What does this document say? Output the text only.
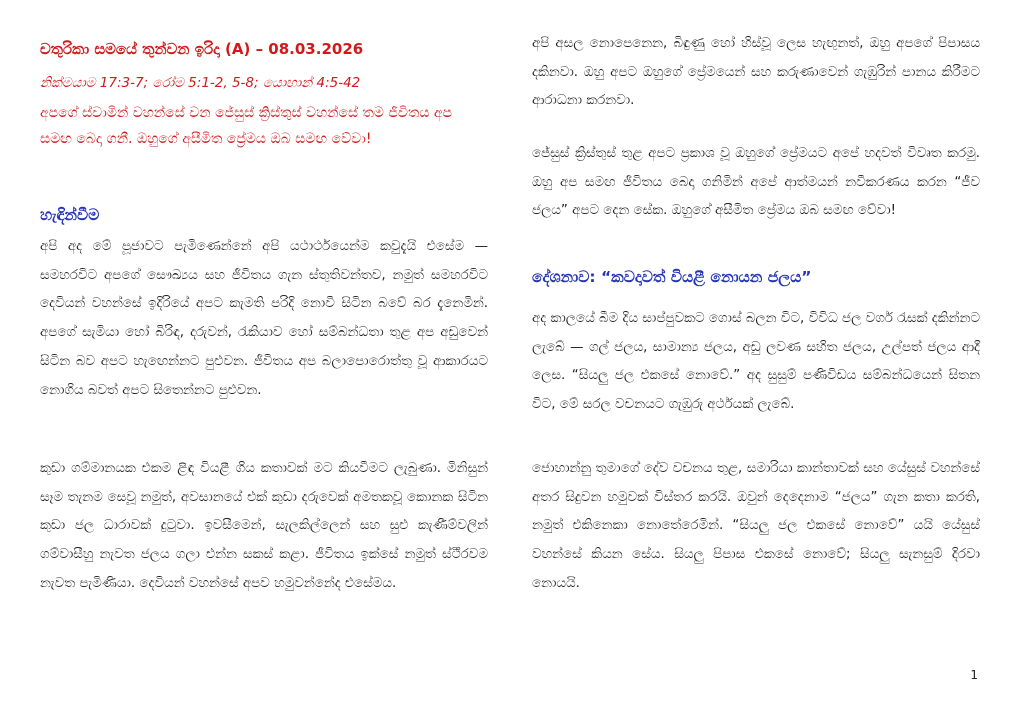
චතුරිකා සමයේ තුන්වන ඉරිදා (A) – 08.03.2026
නික්මයාම 17:3-7; රෝම 5:1-2, 5-8; යොහාන් 4:5-42

අපගේ ස්වාමින් වහන්සේ වන ජේසුස් ක්‍රිස්තුස් වහන්සේ තම ජීවිතය අප සමඟ බෙදා ගනී. ඔහුගේ අසීමිත ප්‍රේමය ඔබ සමඟ වේවා!

හැඳින්වීම

අපි අද මේ පූජාවට පැමිණෙන්නේ අපි යථාර්ථයෙන්ම කවුදැයි එසේම — සමහරවිට අපගේ සෞඛ්‍යය සහ ජීවිතය ගැන ස්තුතිවන්තව, නමුත් සමහරවිට දෙවියන් වහන්සේ ඉදිරියේ අපට කැමති පරිදි නොවී සිටින බවේ බර දැනෙමින්. අපගේ සැමියා හෝ බිරිඳ, දරුවන්, රැකියාව හෝ සම්බන්ධතා තුළ අප අඩුවෙන් සිටින බව අපට හැඟෙන්නට පුළුවන. ජීවිතය අප බලාපොරොත්තු වූ ආකාරයට නොගිය බවත් අපට සිතෙන්නට පුළුවන.

කුඩා ගම්මානයක එකම ළිඳ වියළී ගිය කතාවක් මට කියවීමට ලැබුණා. මිනිසුන් සෑම තැනම සෙවූ නමුත්, අවසානයේ එක් කුඩා දරුවෙක් අමතකවූ කොනක සිටින කුඩා ජල ධාරාවක් දුටුවා. ඉවසීමෙන්, සැලකිල්ලෙන් සහ සුළු කැණීම්වලින් ගම්වාසීහු නැවත ජලය ගලා එන්න සකස් කළා. ජීවිතය ඉක්සේ නමුත් ස්ථිරවම නැවත පැමිණියා. දෙවියන් වහන්සේ අපව හමුවන්නේද එසේමය.

අපි අසල නොපෙනෙන, බිඳුණු හෝ හිස්වූ ලෙස හැඟුනත්, ඔහු අපගේ පිපාසය දකිනවා. ඔහු අපට ඔහුගේ ප්‍රේමයෙන් සහ කරුණාවෙන් ගැඹුරින් පානය කිරීමට ආරාධනා කරනවා.

ජේසුස් ක්‍රිස්තුස් තුළ අපට ප්‍රකාශ වූ ඔහුගේ ප්‍රේමයට අපේ හදවත් විවෘත කරමු. ඔහු අප සමඟ ජීවිතය බෙදා ගනිමින් අපේ ආත්මයන් නවීකරණය කරන “ජීව ජලය” අපට දෙන සේක. ඔහුගේ අසීමිත ප්‍රේමය ඔබ සමඟ වේවා!

දේශනාව: “කවදාවත් වියළී නොයන ජලය”

අද කාලයේ බීම දිය සාප්පුවකට ගොස් බලන විට, විවිධ ජල වර්ග රැසක් දකින්නට ලැබේ — ගල් ජලය, සාමාන්‍ය ජලය, අඩු ලවණ සහිත ජලය, උල්පත් ජලය ආදී ලෙස. “සියලු ජල එකසේ නොවේ.” අද සුසුම් පණිවිඩය සම්බන්ධයෙන් සිතන විට, මේ සරල වචනයට ගැඹුරු අර්ථයක් ලැබේ.

ජොහාන්නු තුමාගේ දේව වචනය තුළ, සමාරියා කාන්තාවක් සහ යේසුස් වහන්සේ අතර සිදුවන හමුවක් විස්තර කරයි. ඔවුන් දෙදෙනාම “ජලය” ගැන කතා කරති, නමුත් එකිනෙකා නොතේරෙමින්. “සියලු ජල එකසේ නොවේ” යයි යේසුස් වහන්සේ කියන සේය. සියලු පිපාස එකසේ නොවේ; සියලු සැනසුම් දිරවා නොයයි.

1
